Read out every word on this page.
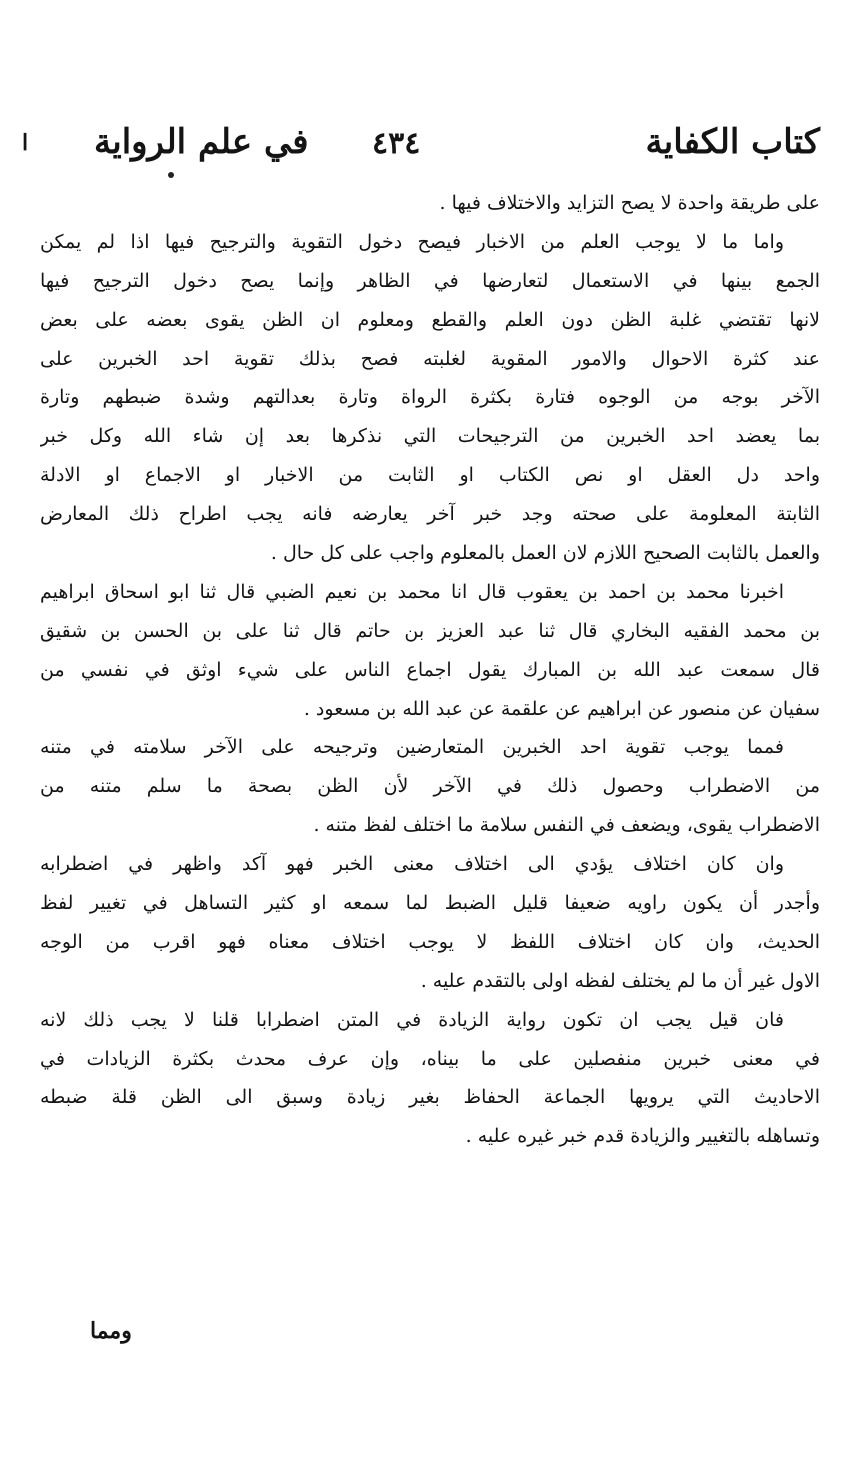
ا	كتاب الكفاية
٤٣٤
في علم الرواية
على طريقة واحدة لا يصح التزايد والاختلاف فيها .
واما ما لا يوجب العلم من الاخبار فيصح دخول التقوية والترجيح فيها اذا لم يمكن
الجمع بينها في الاستعمال لتعارضها في الظاهر وإنما يصح دخول الترجيح فيها
لانها تقتضي غلبة الظن دون العلم والقطع ومعلوم ان الظن يقوى بعضه على بعض
عند كثرة الاحوال والامور المقوية لغلبته فصح بذلك تقوية احد الخبرين على
الآخر بوجه من الوجوه فتارة بكثرة الرواة وتارة بعدالتهم وشدة ضبطهم وتارة
بما يعضد احد الخبرين من الترجيحات التي نذكرها بعد إن شاء الله وكل خبر
واحد دل العقل او نص الكتاب او الثابت من الاخبار او الاجماع او الادلة
الثابتة المعلومة على صحته وجد خبر آخر يعارضه فانه يجب اطراح ذلك المعارض
والعمل بالثابت الصحيح اللازم لان العمل بالمعلوم واجب على كل حال .
اخبرنا محمد بن احمد بن يعقوب قال انا محمد بن نعيم الضبي قال ثنا ابو اسحاق ابراهيم
بن محمد الفقيه البخاري قال ثنا عبد العزيز بن حاتم قال ثنا على بن الحسن بن شقيق
قال سمعت عبد الله بن المبارك يقول اجماع الناس على شيء اوثق في نفسي من
سفيان عن منصور عن ابراهيم عن علقمة عن عبد الله بن مسعود .
فمما يوجب تقوية احد الخبرين المتعارضين وترجيحه على الآخر سلامته في متنه
من الاضطراب وحصول ذلك في الآخر لأن الظن بصحة ما سلم متنه من
الاضطراب يقوى، ويضعف في النفس سلامة ما اختلف لفظ متنه .
وان كان اختلاف يؤدي الى اختلاف معنى الخبر فهو آكد واظهر في اضطرابه
وأجدر أن يكون راويه ضعيفا قليل الضبط لما سمعه او كثير التساهل في تغيير لفظ
الحديث، وان كان اختلاف اللفظ لا يوجب اختلاف معناه فهو اقرب من الوجه
الاول غير أن ما لم يختلف لفظه اولى بالتقدم عليه .
فان قيل يجب ان تكون رواية الزيادة في المتن اضطرابا قلنا لا يجب ذلك لانه
في معنى خبرين منفصلين على ما بيناه، وإن عرف محدث بكثرة الزيادات في
الاحاديث التي يرويها الجماعة الحفاظ بغير زيادة وسبق الى الظن قلة ضبطه
وتساهله بالتغيير والزيادة قدم خبر غيره عليه .
ومما
